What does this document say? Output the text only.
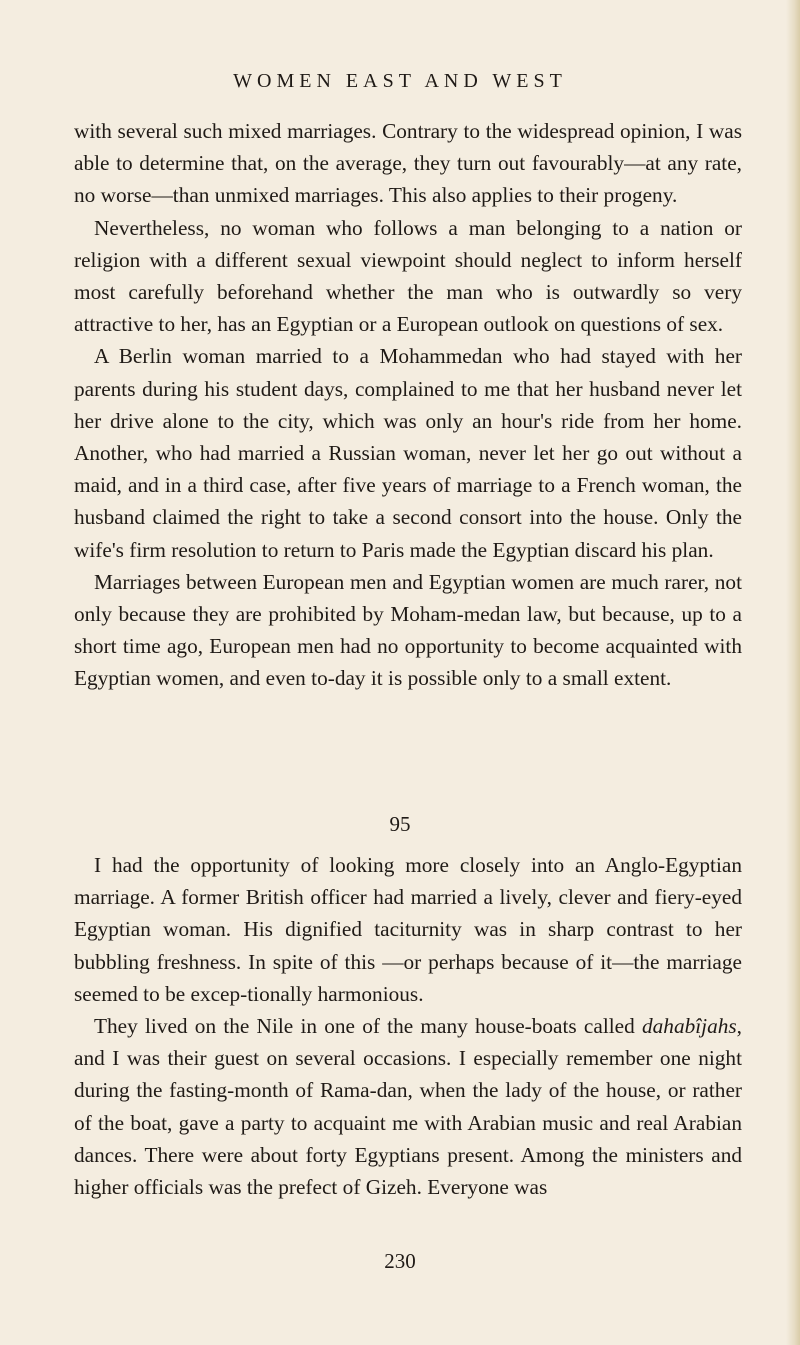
WOMEN EAST AND WEST

with several such mixed marriages. Contrary to the widespread opinion, I was able to determine that, on the average, they turn out favourably—at any rate, no worse—than unmixed marriages. This also applies to their progeny.

Nevertheless, no woman who follows a man belonging to a nation or religion with a different sexual viewpoint should neglect to inform herself most carefully beforehand whether the man who is outwardly so very attractive to her, has an Egyptian or a European outlook on questions of sex.

A Berlin woman married to a Mohammedan who had stayed with her parents during his student days, complained to me that her husband never let her drive alone to the city, which was only an hour's ride from her home. Another, who had married a Russian woman, never let her go out without a maid, and in a third case, after five years of marriage to a French woman, the husband claimed the right to take a second consort into the house. Only the wife's firm resolution to return to Paris made the Egyptian discard his plan.

Marriages between European men and Egyptian women are much rarer, not only because they are prohibited by Moham-medan law, but because, up to a short time ago, European men had no opportunity to become acquainted with Egyptian women, and even to-day it is possible only to a small extent.

95

I had the opportunity of looking more closely into an Anglo-Egyptian marriage. A former British officer had married a lively, clever and fiery-eyed Egyptian woman. His dignified taciturnity was in sharp contrast to her bubbling freshness. In spite of this —or perhaps because of it—the marriage seemed to be excep-tionally harmonious.

They lived on the Nile in one of the many house-boats called dahabîjahs, and I was their guest on several occasions. I especially remember one night during the fasting-month of Rama-dan, when the lady of the house, or rather of the boat, gave a party to acquaint me with Arabian music and real Arabian dances. There were about forty Egyptians present. Among the ministers and higher officials was the prefect of Gizeh. Everyone was

230
